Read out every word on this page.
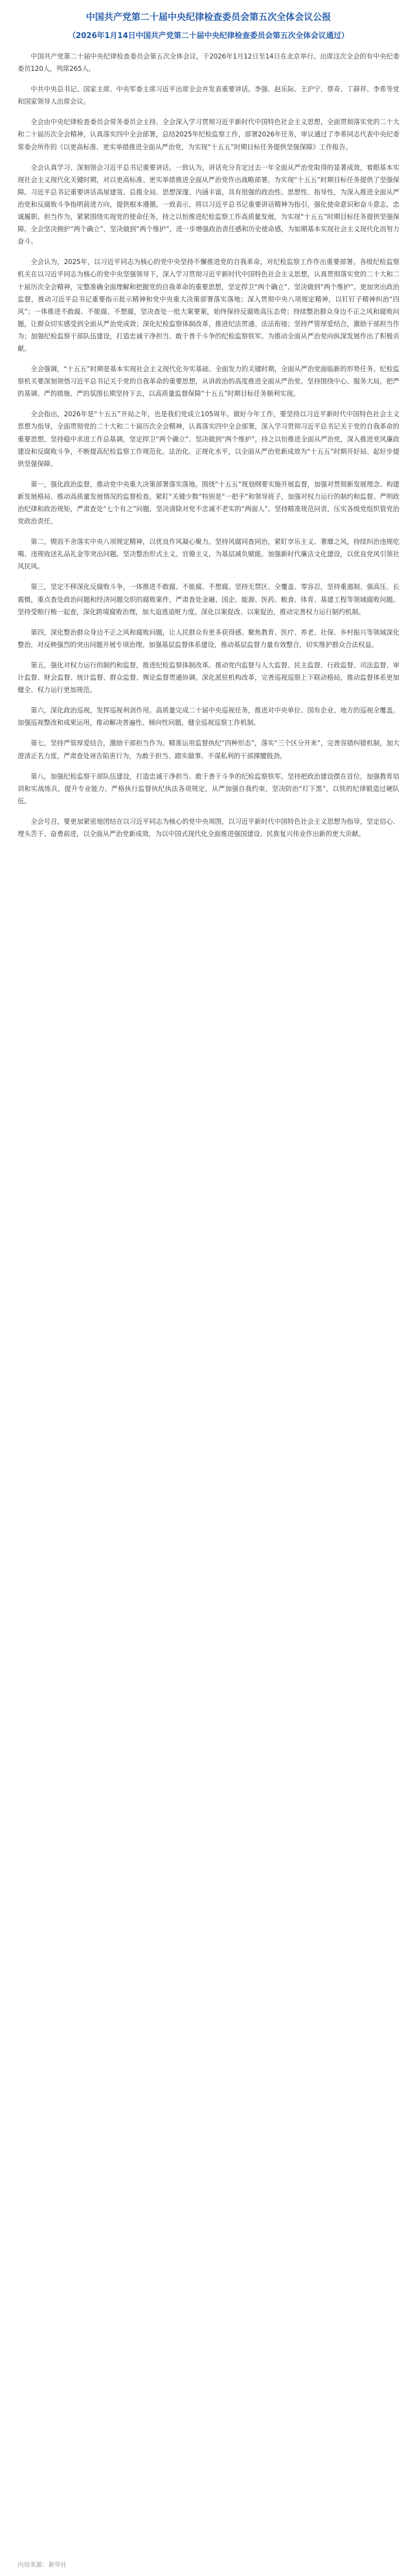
中国共产党第二十届中央纪律检查委员会第五次全体会议公报
（2026年1月14日中国共产党第二十届中央纪律检查委员会第五次全体会议通过）

中国共产党第二十届中央纪律检查委员会第五次全体会议，于2026年1月12日至14日在北京举行。出席这次全会的有中央纪委委员120人，列席265人。

中共中央总书记、国家主席、中央军委主席习近平出席全会并发表重要讲话。李强、赵乐际、王沪宁、蔡奇、丁薛祥、李希等党和国家领导人出席会议。

全会由中央纪律检查委员会常务委员会主持。全会深入学习贯彻习近平新时代中国特色社会主义思想，全面贯彻落实党的二十大和二十届历次全会精神，认真落实四中全会部署，总结2025年纪检监察工作，部署2026年任务，审议通过了李希同志代表中央纪委常委会所作的《以更高标准、更实举措推进全面从严治党，为实现“十五五”时期目标任务提供坚强保障》工作报告。

全会认真学习、深刻领会习近平总书记重要讲话。一致认为，讲话充分肯定过去一年全面从严治党取得的显著成效，着眼基本实现社会主义现代化关键时期，对以更高标准、更实举措推进全面从严治党作出战略部署。为实现“十五五”时期目标任务提供了坚强保障。习近平总书记重要讲话高屋建瓴、总揽全局、思想深邃、内涵丰富，具有很强的政治性、思想性、指导性，为深入推进全面从严治党和反腐败斗争指明前进方向，提供根本遵循。一致表示，将以习近平总书记重要讲话精神为指引，强化使命意识和奋斗意志，忠诚履职、担当作为，紧紧围绕实现党的使命任务，持之以恒推进纪检监察工作高质量发展，为实现“十五五”时期目标任务提供坚强保障。全会坚决拥护“两个确立”，坚决做到“两个维护”，进一步增强政治责任感和历史使命感，为如期基本实现社会主义现代化而努力奋斗。

全会认为，2025年，以习近平同志为核心的党中央坚持不懈推进党的自我革命，对纪检监察工作作出重要部署。各级纪检监察机关在以习近平同志为核心的党中央坚强领导下，深入学习贯彻习近平新时代中国特色社会主义思想，认真贯彻落实党的二十大和二十届历次全会精神，完整准确全面理解和把握党的自我革命的重要思想，坚定捍卫“两个确立”、坚决做到“两个维护”。更加突出政治监督，推动习近平总书记重要指示批示精神和党中央重大决策部署落实落地；深入贯彻中央八项规定精神，以钉钉子精神纠治“四风”；一体推进不敢腐、不能腐、不想腐，坚决查处一批大案要案，始终保持反腐败高压态势；持续整治群众身边不正之风和腐败问题，让群众切实感受到全面从严治党成效；深化纪检监察体制改革，推进纪法贯通、法法衔接；坚持严管厚爱结合，激励干部担当作为；加强纪检监察干部队伍建设，打造忠诚干净担当、敢于善于斗争的纪检监察铁军。为推动全面从严治党向纵深发展作出了积极贡献。

全会强调，“十五五”时期是基本实现社会主义现代化夯实基础、全面发力的关键时期，全面从严治党面临新的形势任务。纪检监察机关要深刻领悟习近平总书记关于党的自我革命的重要思想，从讲政治的高度推进全面从严治党。坚持围绕中心、服务大局，把严的基调、严的措施、严的氛围长期坚持下去，以高质量监督保障“十五五”时期目标任务顺利实现。

全会指出，2026年是“十五五”开局之年，也是我们党成立105周年。做好今年工作，要坚持以习近平新时代中国特色社会主义思想为指导，全面贯彻党的二十大和二十届历次全会精神，认真落实四中全会部署，深入学习贯彻习近平总书记关于党的自我革命的重要思想，坚持稳中求进工作总基调，坚定捍卫“两个确立”、坚决做到“两个维护”，持之以恒推进全面从严治党，深入推进党风廉政建设和反腐败斗争，不断提高纪检监察工作规范化、法治化、正规化水平，以全面从严治党新成效为“十五五”时期开好局、起好步提供坚强保障。

第一，强化政治监督，推动党中央重大决策部署落实落地。围绕“十五五”规划纲要实施开展监督，加强对贯彻新发展理念、构建新发展格局、推动高质量发展情况的监督检查。紧盯“关键少数”特别是“一把手”和领导班子，加强对权力运行的制约和监督。严明政治纪律和政治规矩，严肃查处“七个有之”问题，坚决清除对党不忠诚不老实的“两面人”。坚持精准规范问责，压实各级党组织管党治党政治责任。

第二，锲而不舍落实中央八项规定精神，以优良作风凝心聚力。坚持风腐同查同治，紧盯享乐主义、奢靡之风，持续纠治违规吃喝、违规收送礼品礼金等突出问题。坚决整治形式主义、官僚主义，为基层减负赋能。加强新时代廉洁文化建设，以优良党风引领社风民风。

第三，坚定不移深化反腐败斗争，一体推进不敢腐、不能腐、不想腐。坚持无禁区、全覆盖、零容忍，坚持重遏制、强高压、长震慑，重点查处政治问题和经济问题交织的腐败案件，严肃查处金融、国企、能源、医药、粮食、体育、基建工程等领域腐败问题。坚持受贿行贿一起查，深化跨境腐败治理，加大追逃追赃力度。深化以案促改、以案促治，推动完善权力运行制约机制。

第四，深化整治群众身边不正之风和腐败问题，让人民群众有更多获得感。聚焦教育、医疗、养老、社保、乡村振兴等领域深化整治，对反映强烈的突出问题开展专项治理。加强基层监督体系建设，推动基层监督力量有效整合，切实维护群众合法权益。

第五，强化对权力运行的制约和监督，推进纪检监察体制改革。推动党内监督与人大监督、民主监督、行政监督、司法监督、审计监督、财会监督、统计监督、群众监督、舆论监督贯通协调。深化派驻机构改革，完善巡视巡察上下联动格局，推动监督体系更加健全、权力运行更加规范。

第六，深化政治巡视，发挥巡视利剑作用。高质量完成二十届中央巡视任务，推进对中央单位、国有企业、地方的巡视全覆盖。加强巡视整改和成果运用，推动解决普遍性、倾向性问题，健全巡视巡察工作机制。

第七，坚持严管厚爱结合，激励干部担当作为。精准运用监督执纪“四种形态”，落实“三个区分开来”，完善容错纠错机制，加大澄清正名力度，严肃查处诬告陷害行为，为敢于担当、踏实做事、不谋私利的干部撑腰鼓劲。

第八，加强纪检监察干部队伍建设，打造忠诚干净担当、敢于善于斗争的纪检监察铁军。坚持把政治建设摆在首位，加强教育培训和实战练兵，提升专业能力。严格执行监督执纪执法各项规定，从严加强自我约束，坚决防治“灯下黑”，以铁的纪律锻造过硬队伍。

全会号召，要更加紧密地团结在以习近平同志为核心的党中央周围，以习近平新时代中国特色社会主义思想为指导，坚定信心、埋头苦干、奋勇前进，以全面从严治党新成效，为以中国式现代化全面推进强国建设、民族复兴伟业作出新的更大贡献。

内容来源：新华社
